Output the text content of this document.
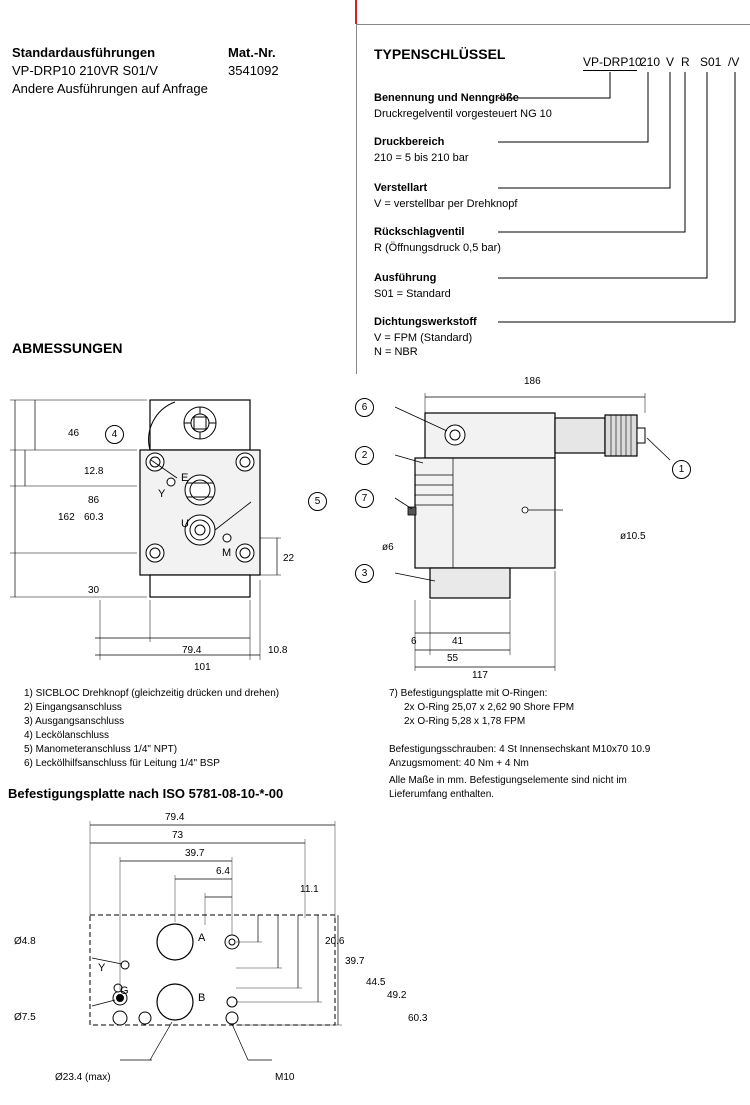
Standardausführungen	Mat.-Nr.
VP-DRP10 210VR S01/V	3541092
Andere Ausführungen auf Anfrage
TYPENSCHLÜSSEL	VP-DRP10
210 V R S01 /V
Benennung und Nenngröße
Druckregelventil vorgesteuert NG 10
Druckbereich
210 = 5 bis 210 bar
Verstellart
V = verstellbar per Drehknopf
Rückschlagventil
R (Öffnungsdruck 0,5 bar)
Ausführung
S01 = Standard
Dichtungswerkstoff
V = FPM (Standard)
N = NBR
ABMESSUNGEN
46
12.8
86
162 60.3
30
22
79.4	10.8
101
E
Y
U
M
4
5
186
ø10.5
ø6
6	41
55
117
6
2
7
3
1
1) SICBLOC Drehknopf (gleichzeitig drücken und drehen)
2) Eingangsanschluss
3) Ausgangsanschluss
4) Leckölanschluss
5) Manometeranschluss 1/4" NPT)
6) Leckölhilfsanschluss für Leitung 1/4" BSP
7) Befestigungsplatte mit O-Ringen:
2x O-Ring 25,07 x 2,62 90 Shore FPM
2x O-Ring 5,28 x 1,78 FPM
Befestigungsschrauben: 4 St Innensechskant M10x70 10.9
Anzugsmoment: 40 Nm + 4 Nm
Alle Maße in mm. Befestigungselemente sind nicht im
Lieferumfang enthalten.
Befestigungsplatte nach ISO 5781-08-10-*-00
79.4
73
39.7
6.4
11.1
20.6
39.7
44.5
49.2
60.3
Ø4.8
Ø7.5
A
Y
G
B
Ø23.4 (max)	M10
